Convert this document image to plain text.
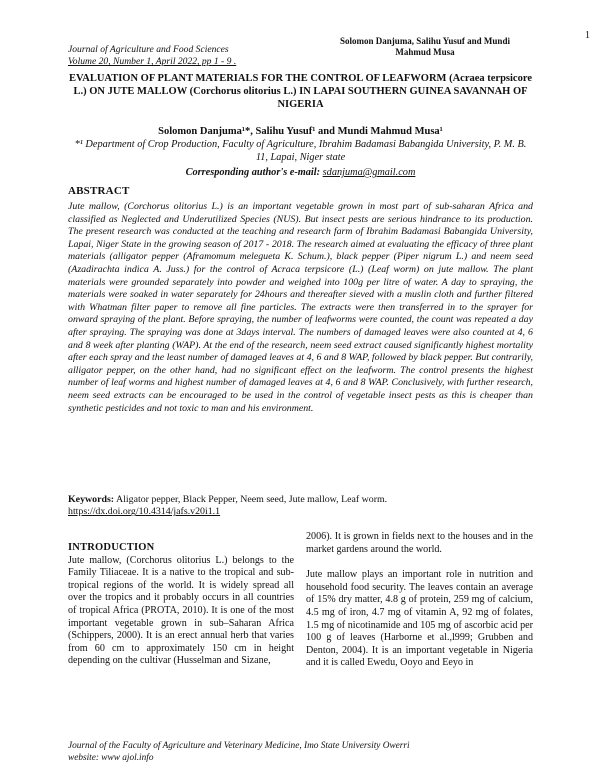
1
Solomon Danjuma, Salihu Yusuf and Mundi Mahmud Musa
Journal of Agriculture and Food Sciences
Volume 20, Number 1, April 2022, pp 1 - 9 .
EVALUATION OF PLANT MATERIALS FOR THE CONTROL OF LEAFWORM (Acraea terpsicore L.) ON JUTE MALLOW (Corchorus olitorius L.) IN LAPAI SOUTHERN GUINEA SAVANNAH OF NIGERIA
Solomon Danjuma¹*, Salihu Yusuf¹ and Mundi Mahmud Musa¹
*¹ Department of Crop Production, Faculty of Agriculture, Ibrahim Badamasi Babangida University, P. M. B. 11, Lapai, Niger state
Corresponding author's e-mail: sdanjuma@gmail.com
ABSTRACT
Jute mallow, (Corchorus olitorius L.) is an important vegetable grown in most part of sub-saharan Africa and classified as Neglected and Underutilized Species (NUS). But insect pests are serious hindrance to its production. The present research was conducted at the teaching and research farm of Ibrahim Badamasi Babangida University, Lapai, Niger State in the growing season of 2017 - 2018. The research aimed at evaluating the efficacy of three plant materials (alligator pepper (Aframomum melegueta K. Schum.), black pepper (Piper nigrum L.) and neem seed (Azadirachta indica A. Juss.) for the control of Acraca terpsicore (L.) (Leaf worm) on jute mallow. The plant materials were grounded separately into powder and weighed into 100g per litre of water. A day to spraying, the materials were soaked in water separately for 24hours and thereafter sieved with a muslin cloth and further filtered with Whatman filter paper to remove all fine particles. The extracts were then transferred in to the sprayer for onward spraying of the plant. Before spraying, the number of leafworms were counted, the count was repeated a day after spraying. The spraying was done at 3days interval. The numbers of damaged leaves were also counted at 4, 6 and 8 week after planting (WAP). At the end of the research, neem seed extract caused significantly highest mortality after each spray and the least number of damaged leaves at 4, 6 and 8 WAP, followed by black pepper. But contrarily, alligator pepper, on the other hand, had no significant effect on the leafworm. The control presents the highest number of leaf worms and highest number of damaged leaves at 4, 6 and 8 WAP. Conclusively, with further research, neem seed extracts can be encouraged to be used in the control of vegetable insect pests as this is cheaper than synthetic pesticides and not toxic to man and his environment.
Keywords: Aligator pepper, Black Pepper, Neem seed, Jute mallow, Leaf worm.
https://dx.doi.org/10.4314/jafs.v20i1.1
INTRODUCTION

Jute mallow, (Corchorus olitorius L.) belongs to the Family Tiliaceae. It is a native to the tropical and sub-tropical regions of the world. It is widely spread all over the tropics and it probably occurs in all countries of tropical Africa (PROTA, 2010). It is one of the most important vegetable grown in sub–Saharan Africa (Schippers, 2000). It is an erect annual herb that varies from 60 cm to approximately 150 cm in height depending on the cultivar (Husselman and Sizane,

2006). It is grown in fields next to the houses and in the market gardens around the world.

Jute mallow plays an important role in nutrition and household food security. The leaves contain an average of 15% dry matter, 4.8 g of protein, 259 mg of calcium, 4.5 mg of iron, 4.7 mg of vitamin A, 92 mg of folates, 1.5 mg of nicotinamide and 105 mg of ascorbic acid per 100 g of leaves (Harborne et al.,l999; Grubben and Denton, 2004). It is an important vegetable in Nigeria and it is called Ewedu, Ooyo and Eeyo in

Journal of the Faculty of Agriculture and Veterinary Medicine, Imo State University Owerri
website: www ajol.info
